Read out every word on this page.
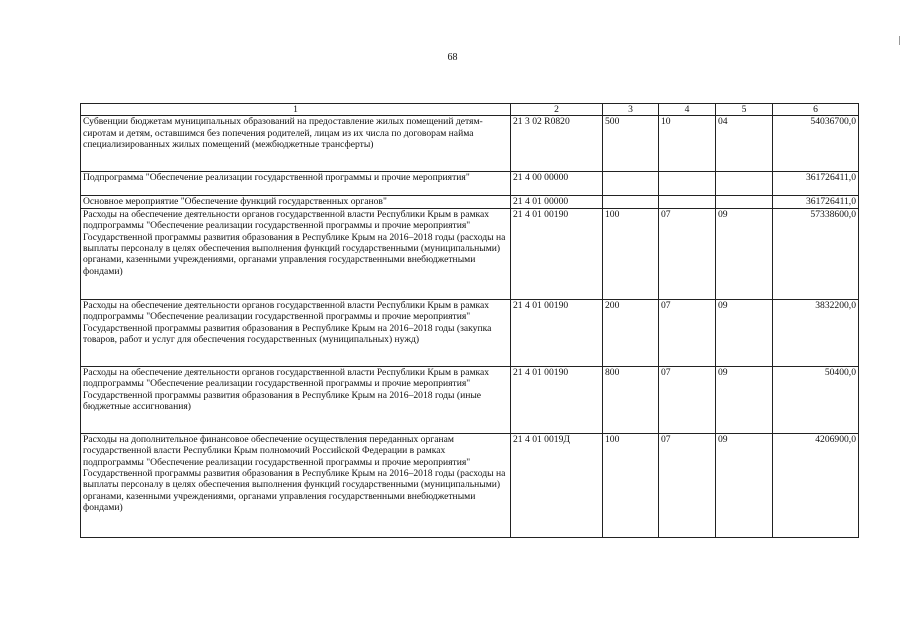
68
1	2	3	4	5	6
Субвенции бюджетам муниципальных образований на предоставление жилых помещений детям-сиротам и детям, оставшимся без попечения родителей, лицам из их числа по договорам найма специализированных жилых помещений (межбюджетные трансферты)	21 3 02 R0820	500	10	04	54036700,0
Подпрограмма "Обеспечение реализации государственной программы и прочие мероприятия"	21 4 00 00000				361726411,0
Основное мероприятие "Обеспечение функций государственных органов"	21 4 01 00000				361726411,0
Расходы на обеспечение деятельности органов государственной власти Республики Крым в рамках подпрограммы "Обеспечение реализации государственной программы и прочие мероприятия" Государственной программы развития образования в Республике Крым на 2016–2018 годы (расходы на выплаты персоналу в целях обеспечения выполнения функций государственными (муниципальными) органами, казенными учреждениями, органами управления государственными внебюджетными фондами)	21 4 01 00190	100	07	09	57338600,0
Расходы на обеспечение деятельности органов государственной власти Республики Крым в рамках подпрограммы "Обеспечение реализации государственной программы и прочие мероприятия" Государственной программы развития образования в Республике Крым на 2016–2018 годы (закупка товаров, работ и услуг для обеспечения государственных (муниципальных) нужд)	21 4 01 00190	200	07	09	3832200,0
Расходы на обеспечение деятельности органов государственной власти Республики Крым в рамках подпрограммы "Обеспечение реализации государственной программы и прочие мероприятия" Государственной программы развития образования в Республике Крым на 2016–2018 годы (иные бюджетные ассигнования)	21 4 01 00190	800	07	09	50400,0
Расходы на дополнительное финансовое обеспечение осуществления переданных органам государственной власти Республики Крым полномочий Российской Федерации в рамках подпрограммы "Обеспечение реализации государственной программы и прочие мероприятия" Государственной программы развития образования в Республике Крым на 2016–2018 годы (расходы на выплаты персоналу в целях обеспечения выполнения функций государственными (муниципальными) органами, казенными учреждениями, органами управления государственными внебюджетными фондами)	21 4 01 0019Д	100	07	09	4206900,0
